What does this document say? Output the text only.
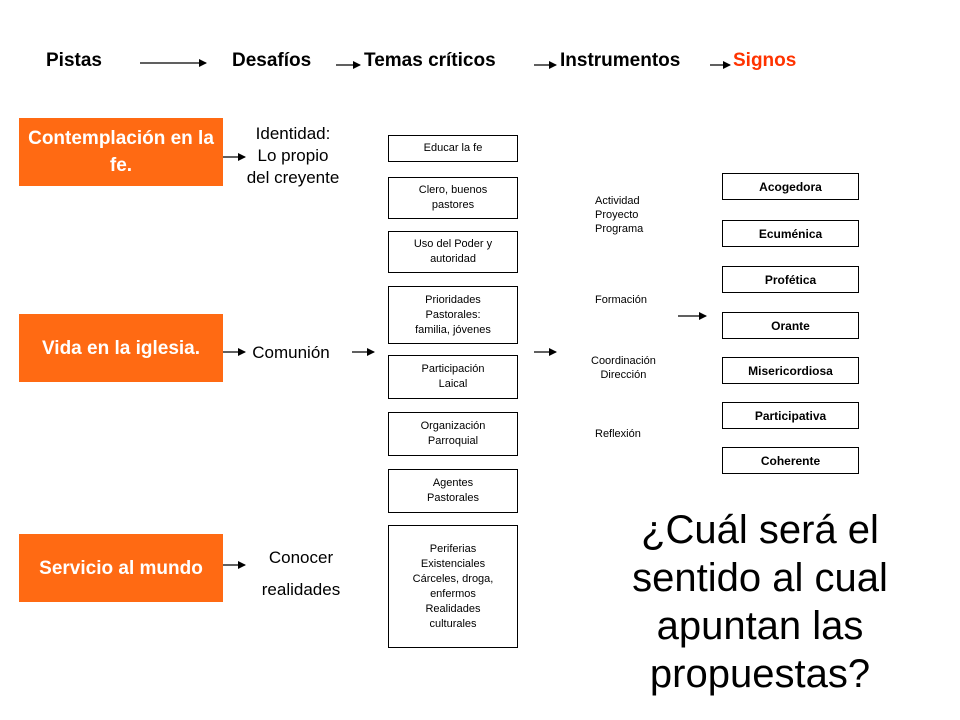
Pistas	Desafíos	Temas críticos	Instrumentos	Signos
Contemplación en la fe.
Vida en la iglesia.
Servicio al mundo
Identidad:
Lo propio
del creyente
Comunión
Conocer
realidades
Educar la fe
Clero, buenos
pastores
Uso del Poder y
autoridad
Prioridades
Pastorales:
familia, jóvenes
Participación
Laical
Organización
Parroquial
Agentes
Pastorales
Periferias
Existenciales
Cárceles, droga,
enfermos
Realidades
culturales
Actividad
Proyecto
Programa
Formación
Coordinación
Dirección
Reflexión
Acogedora
Ecuménica
Profética
Orante
Misericordiosa
Participativa
Coherente
¿Cuál será el
sentido al cual
apuntan las
propuestas?
